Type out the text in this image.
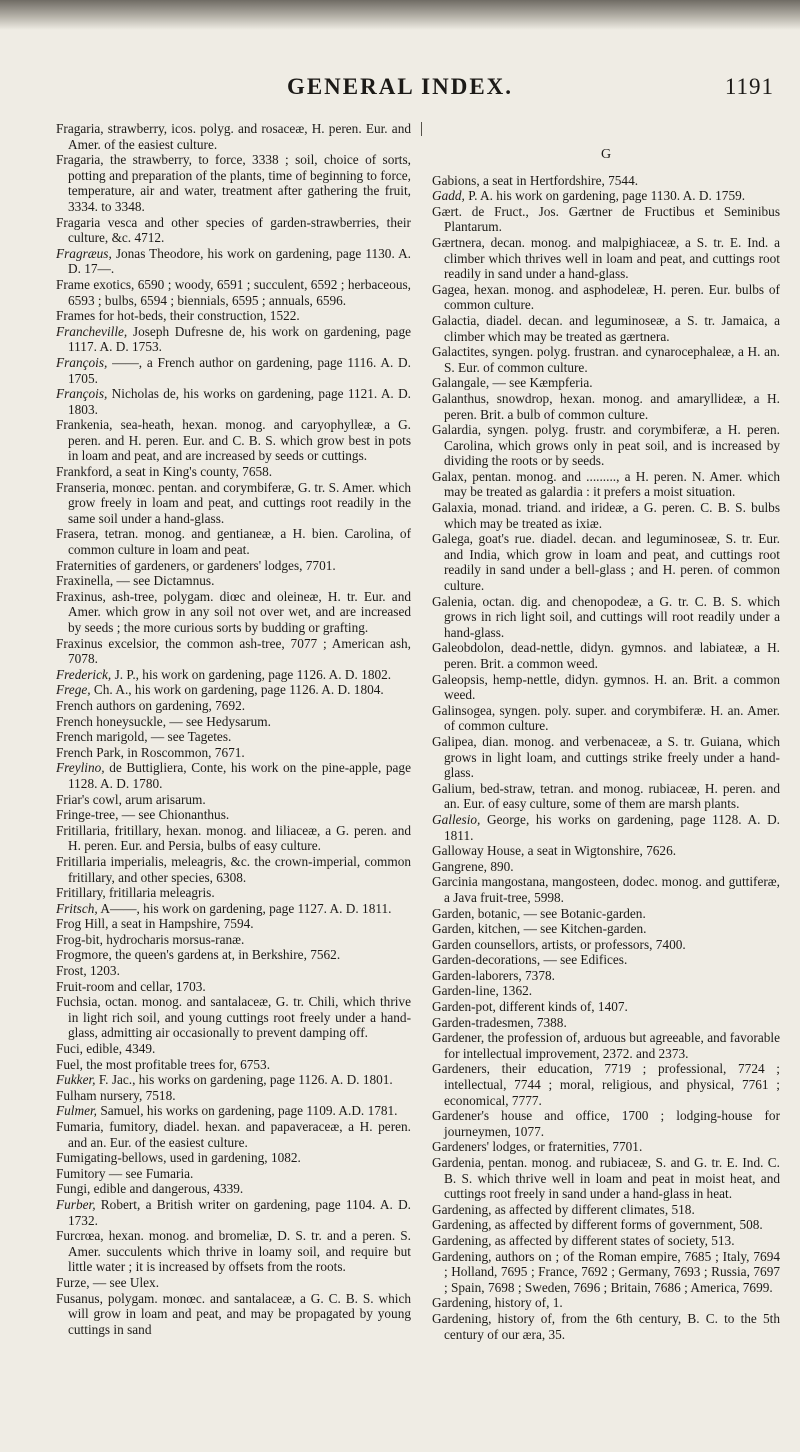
GENERAL INDEX.	1191

Fragaria, strawberry, icos. polyg. and rosaceæ, H. peren. Eur. and Amer. of the easiest culture.

Fragaria, the strawberry, to force, 3338 ; soil, choice of sorts, potting and preparation of the plants, time of beginning to force, temperature, air and water, treatment after gathering the fruit, 3334. to 3348.

Fragaria vesca and other species of garden-strawberries, their culture, &c. 4712.

Fragræus, Jonas Theodore, his work on gardening, page 1130. A. D. 17—.

Frame exotics, 6590 ; woody, 6591 ; succulent, 6592 ; herbaceous, 6593 ; bulbs, 6594 ; biennials, 6595 ; annuals, 6596.

Frames for hot-beds, their construction, 1522.

Francheville, Joseph Dufresne de, his work on gardening, page 1117. A. D. 1753.

François, ——, a French author on gardening, page 1116. A. D. 1705.

François, Nicholas de, his works on gardening, page 1121. A. D. 1803.

Frankenia, sea-heath, hexan. monog. and caryophylleæ, a G. peren. and H. peren. Eur. and C. B. S. which grow best in pots in loam and peat, and are increased by seeds or cuttings.

Frankford, a seat in King's county, 7658.

Franseria, monœc. pentan. and corymbiferæ, G. tr. S. Amer. which grow freely in loam and peat, and cuttings root readily in the same soil under a hand-glass.

Frasera, tetran. monog. and gentianeæ, a H. bien. Carolina, of common culture in loam and peat.

Fraternities of gardeners, or gardeners' lodges, 7701.

Fraxinella, — see Dictamnus.

Fraxinus, ash-tree, polygam. diœc and oleineæ, H. tr. Eur. and Amer. which grow in any soil not over wet, and are increased by seeds ; the more curious sorts by budding or grafting.

Fraxinus excelsior, the common ash-tree, 7077 ; American ash, 7078.

Frederick, J. P., his work on gardening, page 1126. A. D. 1802.

Frege, Ch. A., his work on gardening, page 1126. A. D. 1804.

French authors on gardening, 7692.

French honeysuckle, — see Hedysarum.

French marigold, — see Tagetes.

French Park, in Roscommon, 7671.

Freylino, de Buttigliera, Conte, his work on the pine-apple, page 1128. A. D. 1780.

Friar's cowl, arum arisarum.

Fringe-tree, — see Chionanthus.

Fritillaria, fritillary, hexan. monog. and liliaceæ, a G. peren. and H. peren. Eur. and Persia, bulbs of easy culture.

Fritillaria imperialis, meleagris, &c. the crown-imperial, common fritillary, and other species, 6308.

Fritillary, fritillaria meleagris.

Fritsch, A——, his work on gardening, page 1127. A. D. 1811.

Frog Hill, a seat in Hampshire, 7594.

Frog-bit, hydrocharis morsus-ranæ.

Frogmore, the queen's gardens at, in Berkshire, 7562.

Frost, 1203.

Fruit-room and cellar, 1703.

Fuchsia, octan. monog. and santalaceæ, G. tr. Chili, which thrive in light rich soil, and young cuttings root freely under a hand-glass, admitting air occasionally to prevent damping off.

Fuci, edible, 4349.

Fuel, the most profitable trees for, 6753.

Fukker, F. Jac., his works on gardening, page 1126. A. D. 1801.

Fulham nursery, 7518.

Fulmer, Samuel, his works on gardening, page 1109. A.D. 1781.

Fumaria, fumitory, diadel. hexan. and papaveraceæ, a H. peren. and an. Eur. of the easiest culture.

Fumigating-bellows, used in gardening, 1082.

Fumitory — see Fumaria.

Fungi, edible and dangerous, 4339.

Furber, Robert, a British writer on gardening, page 1104. A. D. 1732.

Furcrœa, hexan. monog. and bromeliæ, D. S. tr. and a peren. S. Amer. succulents which thrive in loamy soil, and require but little water ; it is increased by offsets from the roots.

Furze, — see Ulex.

Fusanus, polygam. monœc. and santalaceæ, a G. C. B. S. which will grow in loam and peat, and may be propagated by young cuttings in sand

G

Gabions, a seat in Hertfordshire, 7544.

Gadd, P. A. his work on gardening, page 1130. A. D. 1759.

Gært. de Fruct., Jos. Gærtner de Fructibus et Seminibus Plantarum.

Gærtnera, decan. monog. and malpighiaceæ, a S. tr. E. Ind. a climber which thrives well in loam and peat, and cuttings root readily in sand under a hand-glass.

Gagea, hexan. monog. and asphodeleæ, H. peren. Eur. bulbs of common culture.

Galactia, diadel. decan. and leguminoseæ, a S. tr. Jamaica, a climber which may be treated as gærtnera.

Galactites, syngen. polyg. frustran. and cynarocephaleæ, a H. an. S. Eur. of common culture.

Galangale, — see Kæmpferia.

Galanthus, snowdrop, hexan. monog. and amaryllideæ, a H. peren. Brit. a bulb of common culture.

Galardia, syngen. polyg. frustr. and corymbiferæ, a H. peren. Carolina, which grows only in peat soil, and is increased by dividing the roots or by seeds.

Galax, pentan. monog. and ........., a H. peren. N. Amer. which may be treated as galardia : it prefers a moist situation.

Galaxia, monad. triand. and irideæ, a G. peren. C. B. S. bulbs which may be treated as ixiæ.

Galega, goat's rue. diadel. decan. and leguminoseæ, S. tr. Eur. and India, which grow in loam and peat, and cuttings root readily in sand under a bell-glass ; and H. peren. of common culture.

Galenia, octan. dig. and chenopodeæ, a G. tr. C. B. S. which grows in rich light soil, and cuttings will root readily under a hand-glass.

Galeobdolon, dead-nettle, didyn. gymnos. and labiateæ, a H. peren. Brit. a common weed.

Galeopsis, hemp-nettle, didyn. gymnos. H. an. Brit. a common weed.

Galinsogea, syngen. poly. super. and corymbiferæ. H. an. Amer. of common culture.

Galipea, dian. monog. and verbenaceæ, a S. tr. Guiana, which grows in light loam, and cuttings strike freely under a hand-glass.

Galium, bed-straw, tetran. and monog. rubiaceæ, H. peren. and an. Eur. of easy culture, some of them are marsh plants.

Gallesio, George, his works on gardening, page 1128. A. D. 1811.

Galloway House, a seat in Wigtonshire, 7626.

Gangrene, 890.

Garcinia mangostana, mangosteen, dodec. monog. and guttiferæ, a Java fruit-tree, 5998.

Garden, botanic, — see Botanic-garden.

Garden, kitchen, — see Kitchen-garden.

Garden counsellors, artists, or professors, 7400.

Garden-decorations, — see Edifices.

Garden-laborers, 7378.

Garden-line, 1362.

Garden-pot, different kinds of, 1407.

Garden-tradesmen, 7388.

Gardener, the profession of, arduous but agreeable, and favorable for intellectual improvement, 2372. and 2373.

Gardeners, their education, 7719 ; professional, 7724 ; intellectual, 7744 ; moral, religious, and physical, 7761 ; economical, 7777.

Gardener's house and office, 1700 ; lodging-house for journeymen, 1077.

Gardeners' lodges, or fraternities, 7701.

Gardenia, pentan. monog. and rubiaceæ, S. and G. tr. E. Ind. C. B. S. which thrive well in loam and peat in moist heat, and cuttings root freely in sand under a hand-glass in heat.

Gardening, as affected by different climates, 518.

Gardening, as affected by different forms of government, 508.

Gardening, as affected by different states of society, 513.

Gardening, authors on ; of the Roman empire, 7685 ; Italy, 7694 ; Holland, 7695 ; France, 7692 ; Germany, 7693 ; Russia, 7697 ; Spain, 7698 ; Sweden, 7696 ; Britain, 7686 ; America, 7699.

Gardening, history of, 1.

Gardening, history of, from the 6th century, B. C. to the 5th century of our æra, 35.
